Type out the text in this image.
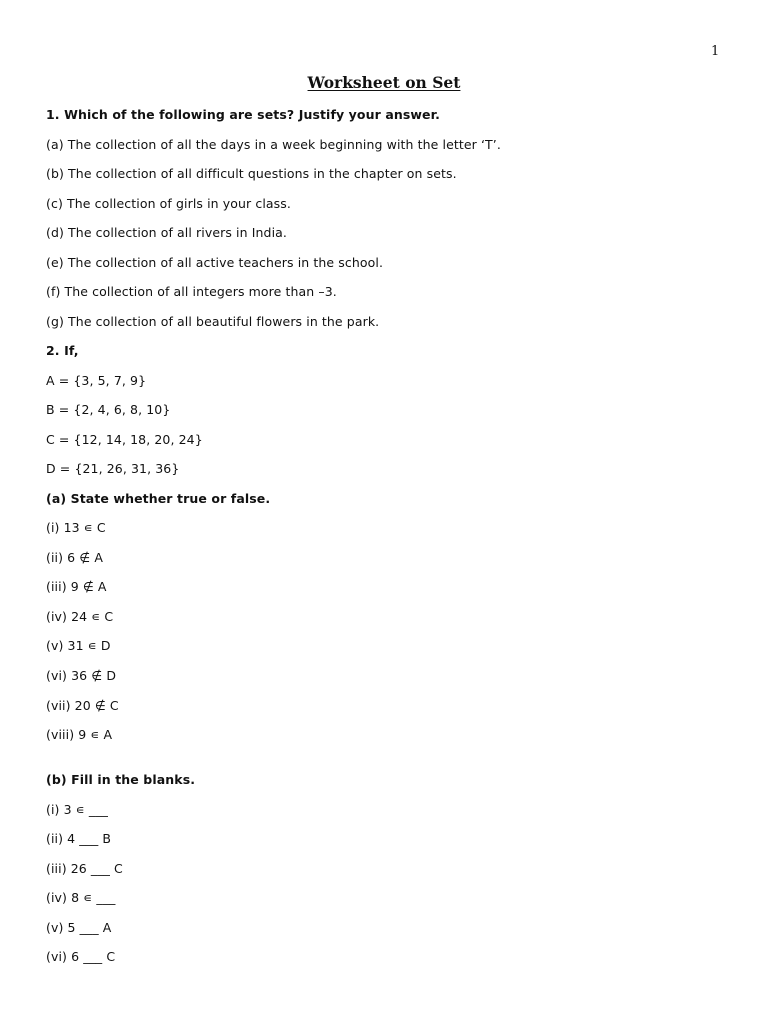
1
Worksheet on Set
1. Which of the following are sets? Justify your answer.
(a) The collection of all the days in a week beginning with the letter ‘T’.
(b) The collection of all difficult questions in the chapter on sets.
(c) The collection of girls in your class.
(d) The collection of all rivers in India.
(e) The collection of all active teachers in the school.
(f) The collection of all integers more than –3.
(g) The collection of all beautiful flowers in the park.
2. If,
A = {3, 5, 7, 9}
B = {2, 4, 6, 8, 10}
C = {12, 14, 18, 20, 24}
D = {21, 26, 31, 36}
(a) State whether true or false.
(i) 13 ∊ C
(ii) 6 ∉ A
(iii) 9 ∉ A
(iv) 24 ∊ C
(v) 31 ∊ D
(vi) 36 ∉ D
(vii) 20 ∉ C
(viii) 9 ∊ A
(b) Fill in the blanks.
(i) 3 ∊ ___
(ii) 4 ___ B
(iii) 26 ___ C
(iv) 8 ∊ ___
(v) 5 ___ A
(vi) 6 ___ C
